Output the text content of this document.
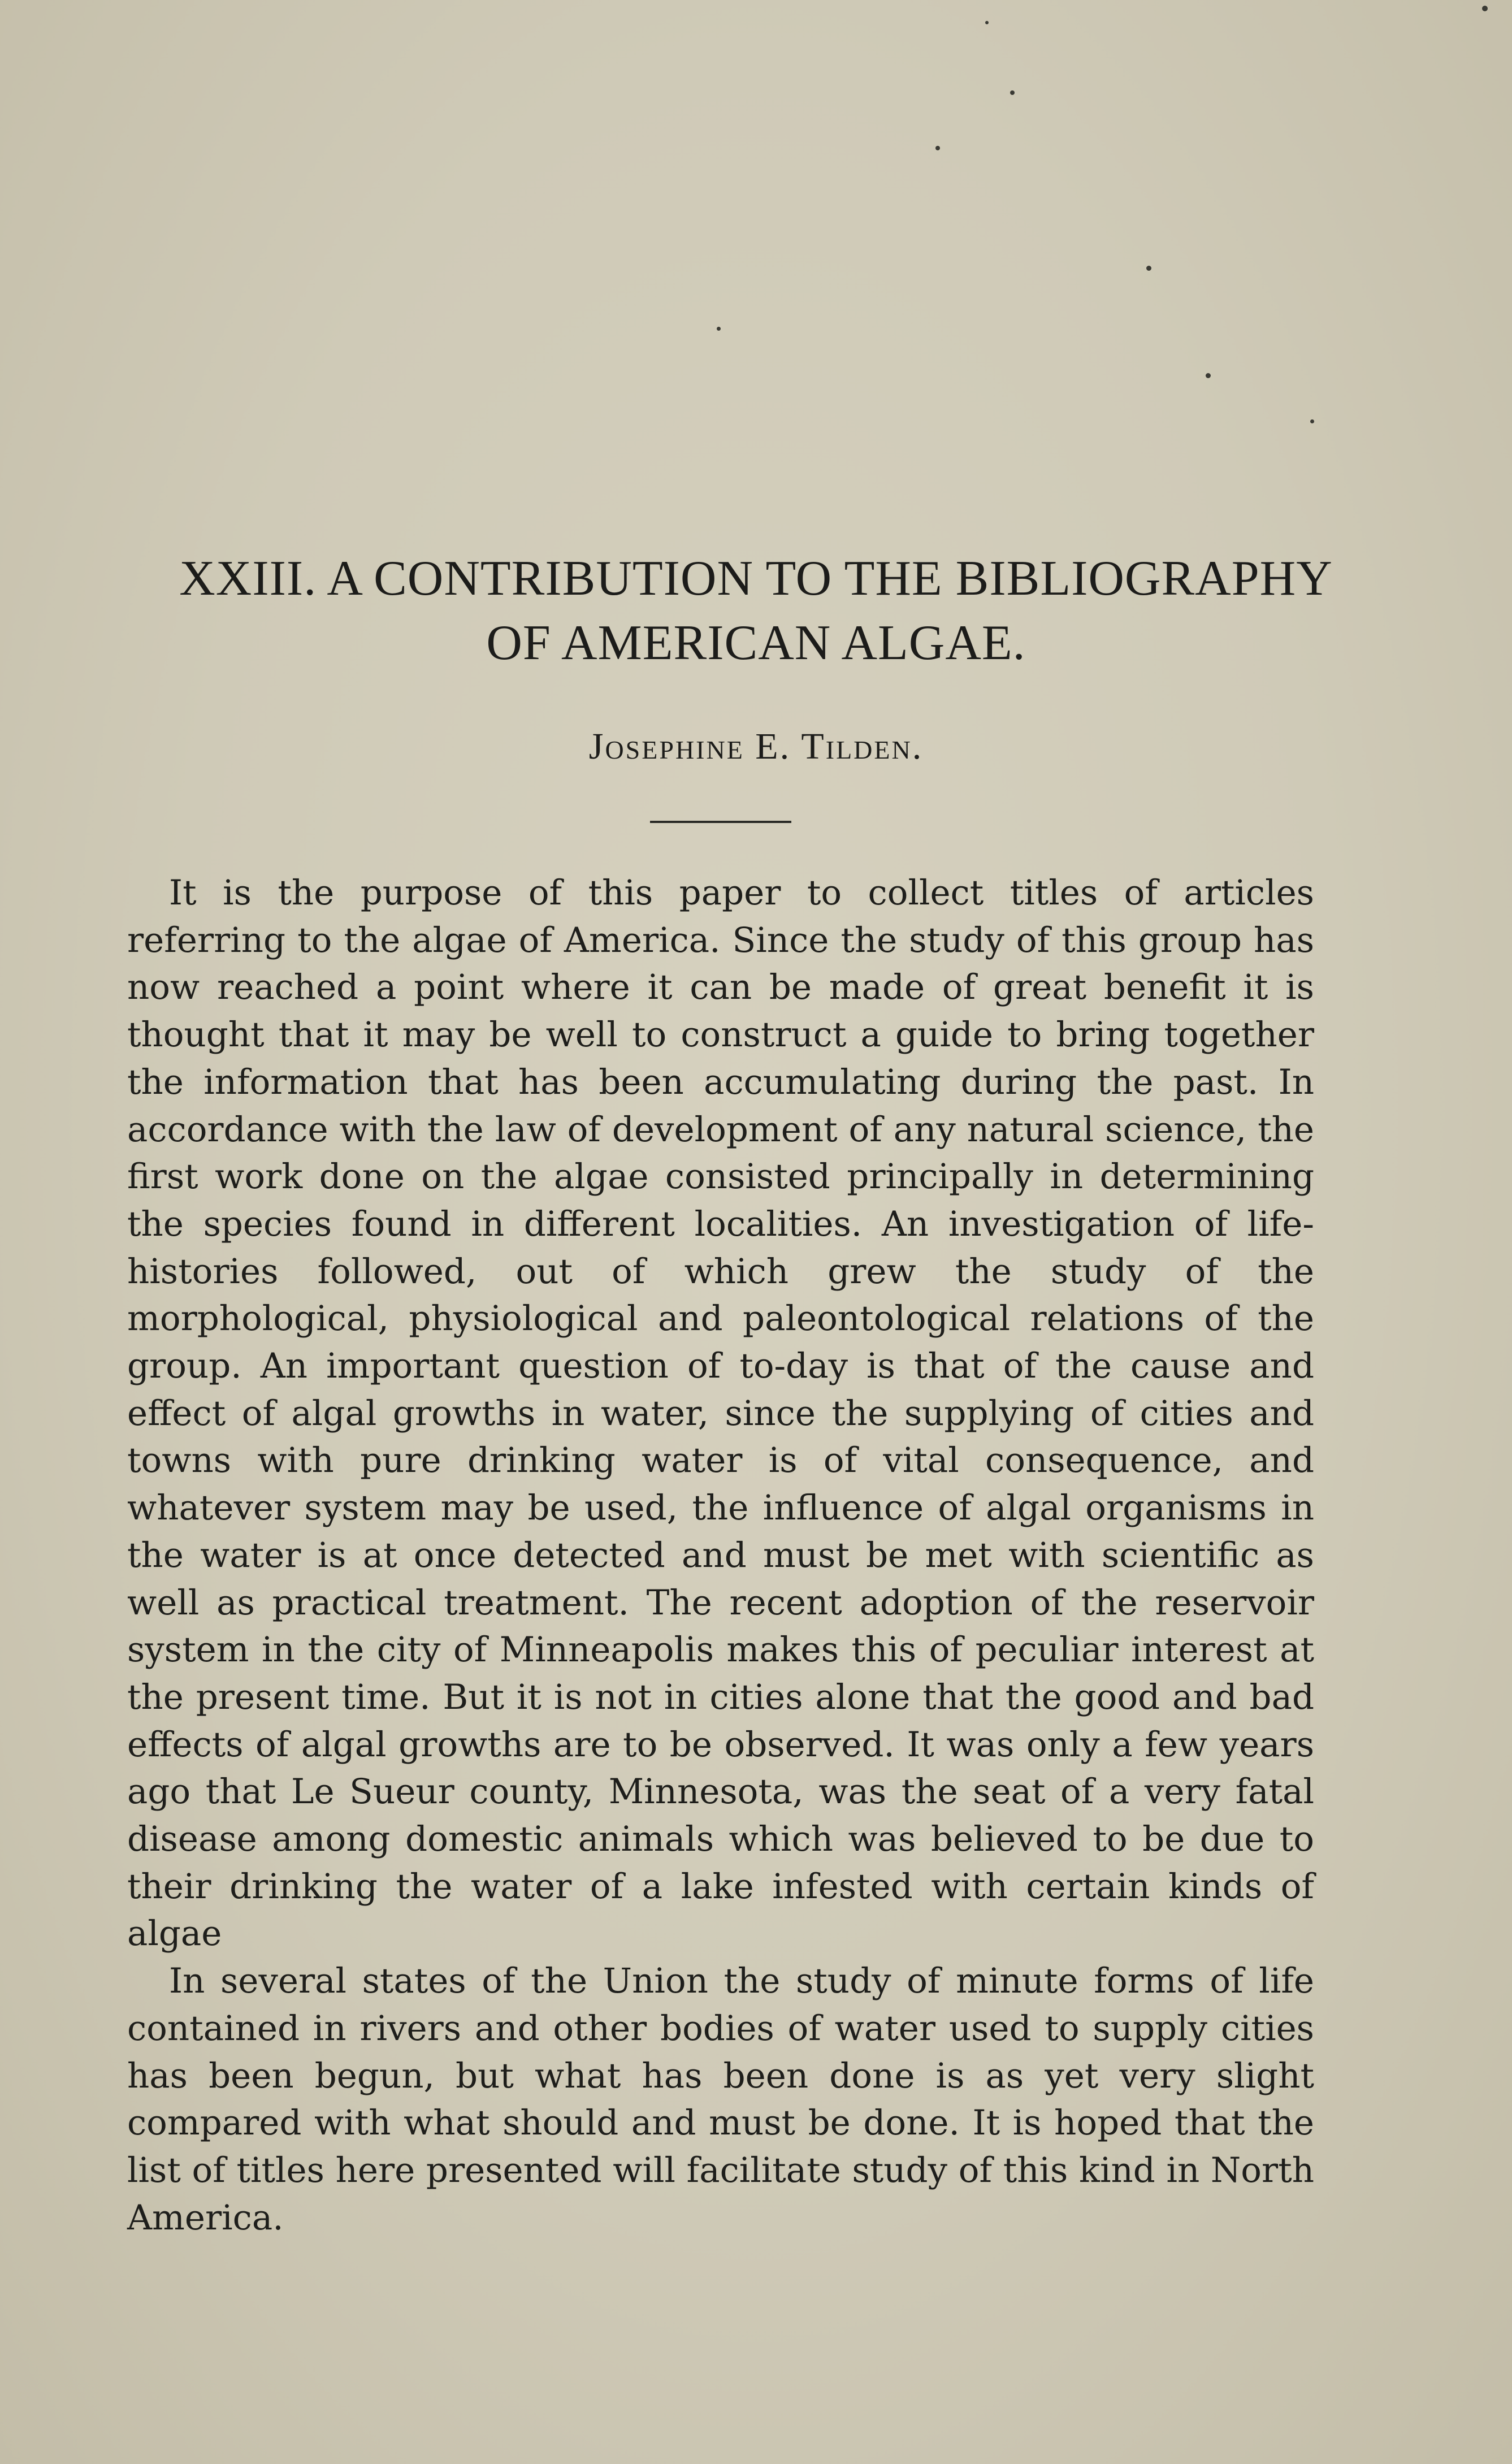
XXIII. A CONTRIBUTION TO THE BIBLIOGRAPHY
OF AMERICAN ALGAE.
Josephine E. Tilden.

It is the purpose of this paper to collect titles of articles referring to the algae of America. Since the study of this group has now reached a point where it can be made of great benefit it is thought that it may be well to construct a guide to bring together the information that has been accumulating during the past. In accordance with the law of development of any natural science, the first work done on the algae consisted principally in determining the species found in different localities. An investigation of life-histories followed, out of which grew the study of the morphological, physiological and paleontological relations of the group. An important question of to-day is that of the cause and effect of algal growths in water, since the supplying of cities and towns with pure drinking water is of vital consequence, and whatever system may be used, the influence of algal organisms in the water is at once detected and must be met with scientific as well as practical treatment. The recent adoption of the reservoir system in the city of Minneapolis makes this of peculiar interest at the present time. But it is not in cities alone that the good and bad effects of algal growths are to be observed. It was only a few years ago that Le Sueur county, Minnesota, was the seat of a very fatal disease among domestic animals which was believed to be due to their drinking the water of a lake infested with certain kinds of algae

In several states of the Union the study of minute forms of life contained in rivers and other bodies of water used to supply cities has been begun, but what has been done is as yet very slight compared with what should and must be done. It is hoped that the list of titles here presented will facilitate study of this kind in North America.
